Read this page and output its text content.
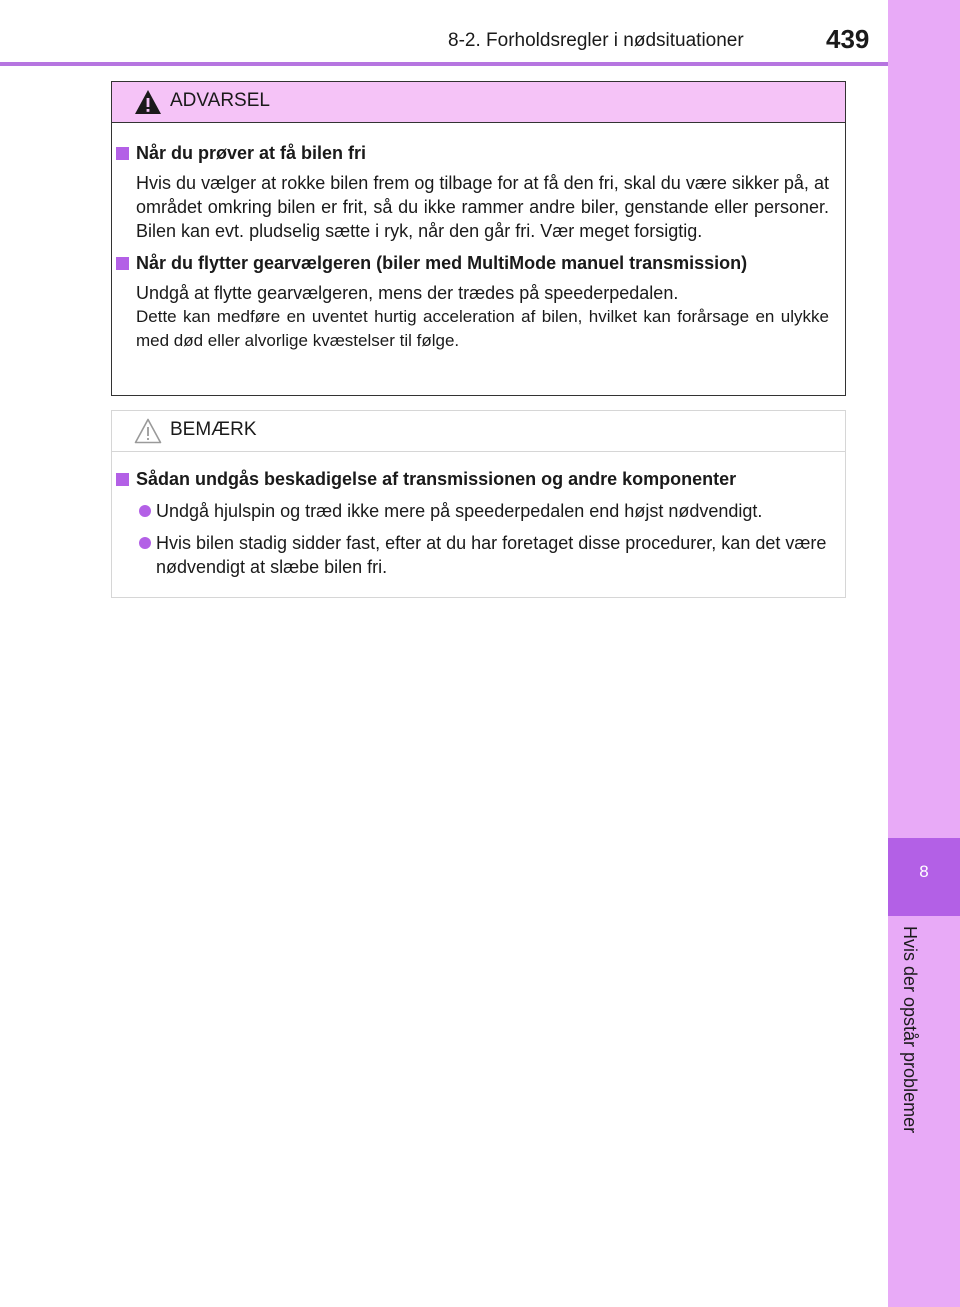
8-2. Forholdsregler i nødsituationer	439
8
Hvis der opstår problemer
ADVARSEL
Når du prøver at få bilen fri
Hvis du vælger at rokke bilen frem og tilbage for at få den fri, skal du være sikker på, at området omkring bilen er frit, så du ikke rammer andre biler, genstande eller personer. Bilen kan evt. pludselig sætte i ryk, når den går fri. Vær meget forsigtig.
Når du flytter gearvælgeren (biler med MultiMode manuel transmission)
Undgå at flytte gearvælgeren, mens der trædes på speederpedalen.
Dette kan medføre en uventet hurtig acceleration af bilen, hvilket kan forårsage en ulykke med død eller alvorlige kvæstelser til følge.
BEMÆRK
Sådan undgås beskadigelse af transmissionen og andre komponenter
Undgå hjulspin og træd ikke mere på speederpedalen end højst nødvendigt.
Hvis bilen stadig sidder fast, efter at du har foretaget disse procedurer, kan det være nødvendigt at slæbe bilen fri.
